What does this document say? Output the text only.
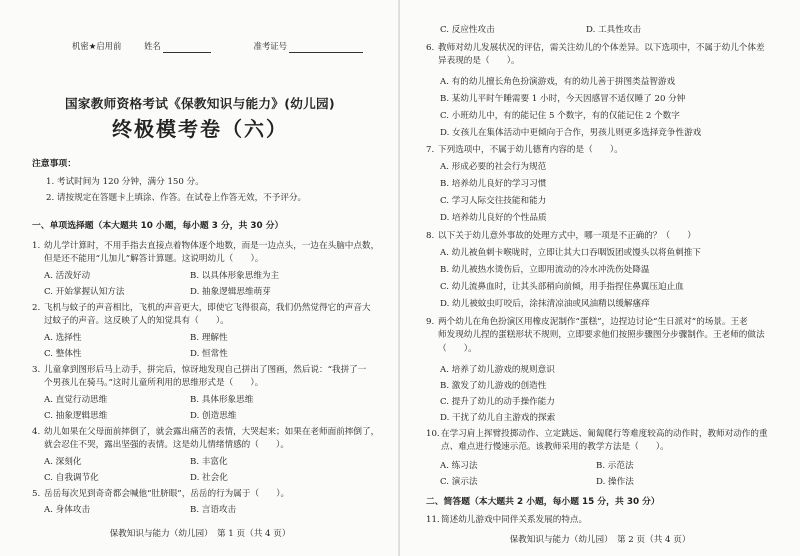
机密★启用前	姓名	准考证号
国家教师资格考试《保教知识与能力》(幼儿园)
终极模考卷（六）
注意事项：
1. 考试时间为 120 分钟，满分 150 分。
2. 请按规定在答题卡上填涂、作答。在试卷上作答无效，不予评分。
一、单项选择题（本大题共 10 小题，每小题 3 分，共 30 分）
1. 幼儿学计算时，不用手指去直接点着物体逐个地数，而是一边点头，一边在头脑中点数，
但是还不能用“儿加儿”解答计算题。这说明幼儿（　　）。
A. 活泼好动	B. 以具体形象思维为主
C. 开始掌握认知方法	D. 抽象逻辑思维萌芽
2. 飞机与蚊子的声音相比，飞机的声音更大，即使它飞得很高，我们仍然觉得它的声音大
过蚊子的声音。这反映了人的知觉具有（　　）。
A. 选择性	B. 理解性
C. 整体性	D. 恒常性
3. 儿童拿到图形后马上动手，拼完后，惊讶地发现自己拼出了图画，然后说：“我拼了一
个男孩儿在骑马。”这时儿童所利用的思维形式是（　　）。
A. 直觉行动思维	B. 具体形象思维
C. 抽象逻辑思维	D. 创造思维
4. 幼儿如果在父母面前摔倒了，就会露出痛苦的表情，大哭起来；如果在老师面前摔倒了，
就会忍住不哭，露出坚强的表情。这是幼儿情绪情感的（　　）。
A. 深刻化	B. 丰富化
C. 自我调节化	D. 社会化
5. 岳岳每次见到奇奇都会喊他“肚脐眼”，岳岳的行为属于（　　）。
A. 身体攻击	B. 言语攻击
保教知识与能力（幼儿园）　第 1 页（共 4 页）
C. 反应性攻击	D. 工具性攻击
6. 教师对幼儿发展状况的评估，需关注幼儿的个体差异。以下选项中，不属于幼儿个体差
异表现的是（　　）。
A. 有的幼儿擅长角色扮演游戏，有的幼儿善于拼图类益智游戏
B. 某幼儿平时午睡需要 1 小时，今天因感冒不适仅睡了 20 分钟
C. 小班幼儿中，有的能记住 5 个数字，有的仅能记住 2 个数字
D. 女孩儿在集体活动中更倾向于合作，男孩儿则更多选择竞争性游戏
7. 下列选项中，不属于幼儿德育内容的是（　　）。
A. 形成必要的社会行为规范
B. 培养幼儿良好的学习习惯
C. 学习人际交往技能和能力
D. 培养幼儿良好的个性品质
8. 以下关于幼儿意外事故的处理方式中，哪一项是不正确的？（　　）
A. 幼儿被鱼刺卡喉咙时，立即让其大口吞咽饭团或馒头以将鱼刺推下
B. 幼儿被热水烫伤后，立即用流动的冷水冲洗伤处降温
C. 幼儿流鼻血时，让其头部稍向前倾，用手指捏住鼻翼压迫止血
D. 幼儿被蚊虫叮咬后，涂抹清凉油或风油精以缓解瘙痒
9. 两个幼儿在角色扮演区用橡皮泥制作“蛋糕”，边捏边讨论“生日派对”的场景。王老
师发现幼儿捏的蛋糕形状不规则，立即要求他们按照步骤图分步骤制作。王老师的做法
（　　）。
A. 培养了幼儿游戏的规则意识
B. 激发了幼儿游戏的创造性
C. 提升了幼儿的动手操作能力
D. 干扰了幼儿自主游戏的探索
10.在学习肩上挥臂投掷动作、立定跳远、匍匐爬行等难度较高的动作时，教师对动作的重
点、难点进行慢速示范。该教师采用的教学方法是（　　）。
A. 练习法	B. 示范法
C. 演示法	D. 操作法
二、简答题（本大题共 2 小题，每小题 15 分，共 30 分）
11.简述幼儿游戏中同伴关系发展的特点。
保教知识与能力（幼儿园）　第 2 页（共 4 页）
